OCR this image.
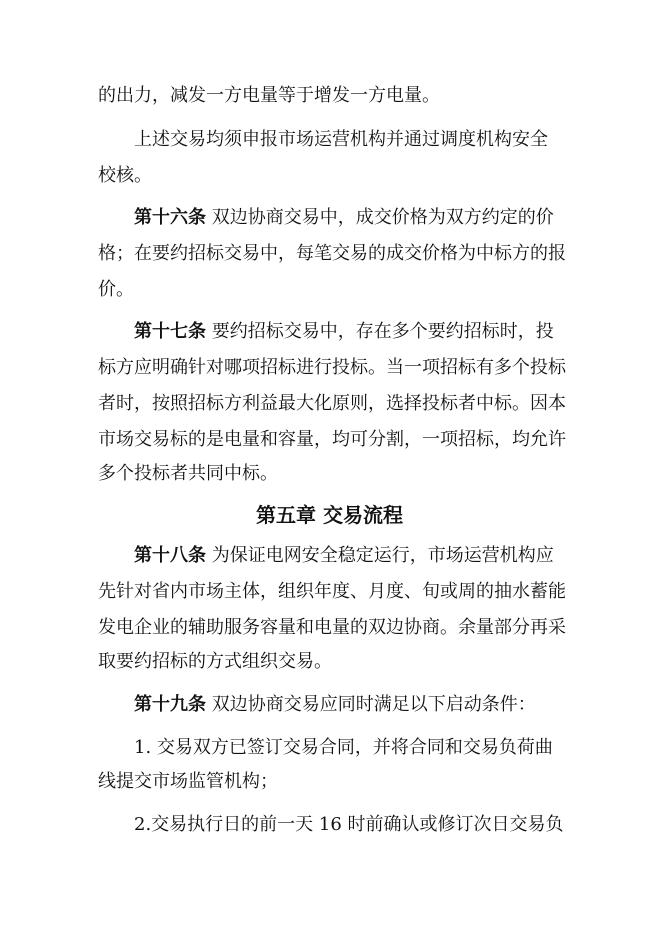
的出力，减发一方电量等于增发一方电量。
上述交易均须申报市场运营机构并通过调度机构安全
校核。
第十六条 双边协商交易中，成交价格为双方约定的价
格；在要约招标交易中，每笔交易的成交价格为中标方的报
价。
第十七条 要约招标交易中，存在多个要约招标时，投
标方应明确针对哪项招标进行投标。当一项招标有多个投标
者时，按照招标方利益最大化原则，选择投标者中标。因本
市场交易标的是电量和容量，均可分割，一项招标，均允许
多个投标者共同中标。
第五章 交易流程
第十八条 为保证电网安全稳定运行，市场运营机构应
先针对省内市场主体，组织年度、月度、旬或周的抽水蓄能
发电企业的辅助服务容量和电量的双边协商。余量部分再采
取要约招标的方式组织交易。
第十九条 双边协商交易应同时满足以下启动条件：
1. 交易双方已签订交易合同，并将合同和交易负荷曲
线提交市场监管机构；
2.交易执行日的前一天 16 时前确认或修订次日交易负
